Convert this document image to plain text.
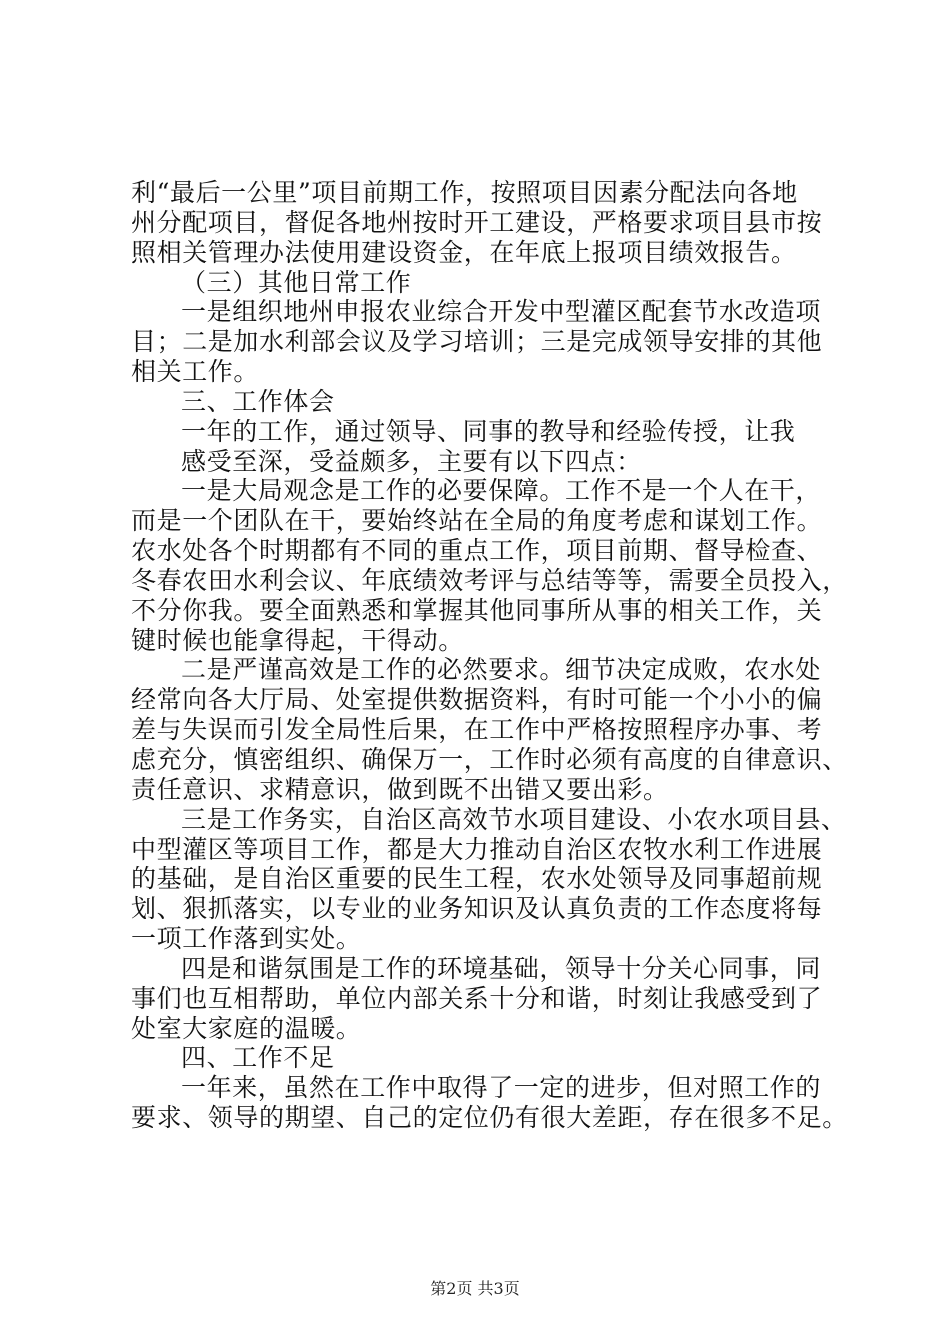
利“最后一公里”项目前期工作，按照项目因素分配法向各地
州分配项目，督促各地州按时开工建设，严格要求项目县市按
照相关管理办法使用建设资金，在年底上报项目绩效报告。
（三）其他日常工作
一是组织地州申报农业综合开发中型灌区配套节水改造项
目；二是加水利部会议及学习培训；三是完成领导安排的其他
相关工作。
三、工作体会
一年的工作，通过领导、同事的教导和经验传授，让我
感受至深，受益颇多，主要有以下四点：
一是大局观念是工作的必要保障。工作不是一个人在干，
而是一个团队在干，要始终站在全局的角度考虑和谋划工作。
农水处各个时期都有不同的重点工作，项目前期、督导检查、
冬春农田水利会议、年底绩效考评与总结等等，需要全员投入，
不分你我。要全面熟悉和掌握其他同事所从事的相关工作，关
键时候也能拿得起，干得动。
二是严谨高效是工作的必然要求。细节决定成败，农水处
经常向各大厅局、处室提供数据资料，有时可能一个小小的偏
差与失误而引发全局性后果，在工作中严格按照程序办事、考
虑充分，慎密组织、确保万一，工作时必须有高度的自律意识、
责任意识、求精意识，做到既不出错又要出彩。
三是工作务实，自治区高效节水项目建设、小农水项目县、
中型灌区等项目工作，都是大力推动自治区农牧水利工作进展
的基础，是自治区重要的民生工程，农水处领导及同事超前规
划、狠抓落实，以专业的业务知识及认真负责的工作态度将每
一项工作落到实处。
四是和谐氛围是工作的环境基础，领导十分关心同事，同
事们也互相帮助，单位内部关系十分和谐，时刻让我感受到了
处室大家庭的温暖。
第2页 共3页
四、工作不足
一年来，虽然在工作中取得了一定的进步，但对照工作的
要求、领导的期望、自己的定位仍有很大差距，存在很多不足。
